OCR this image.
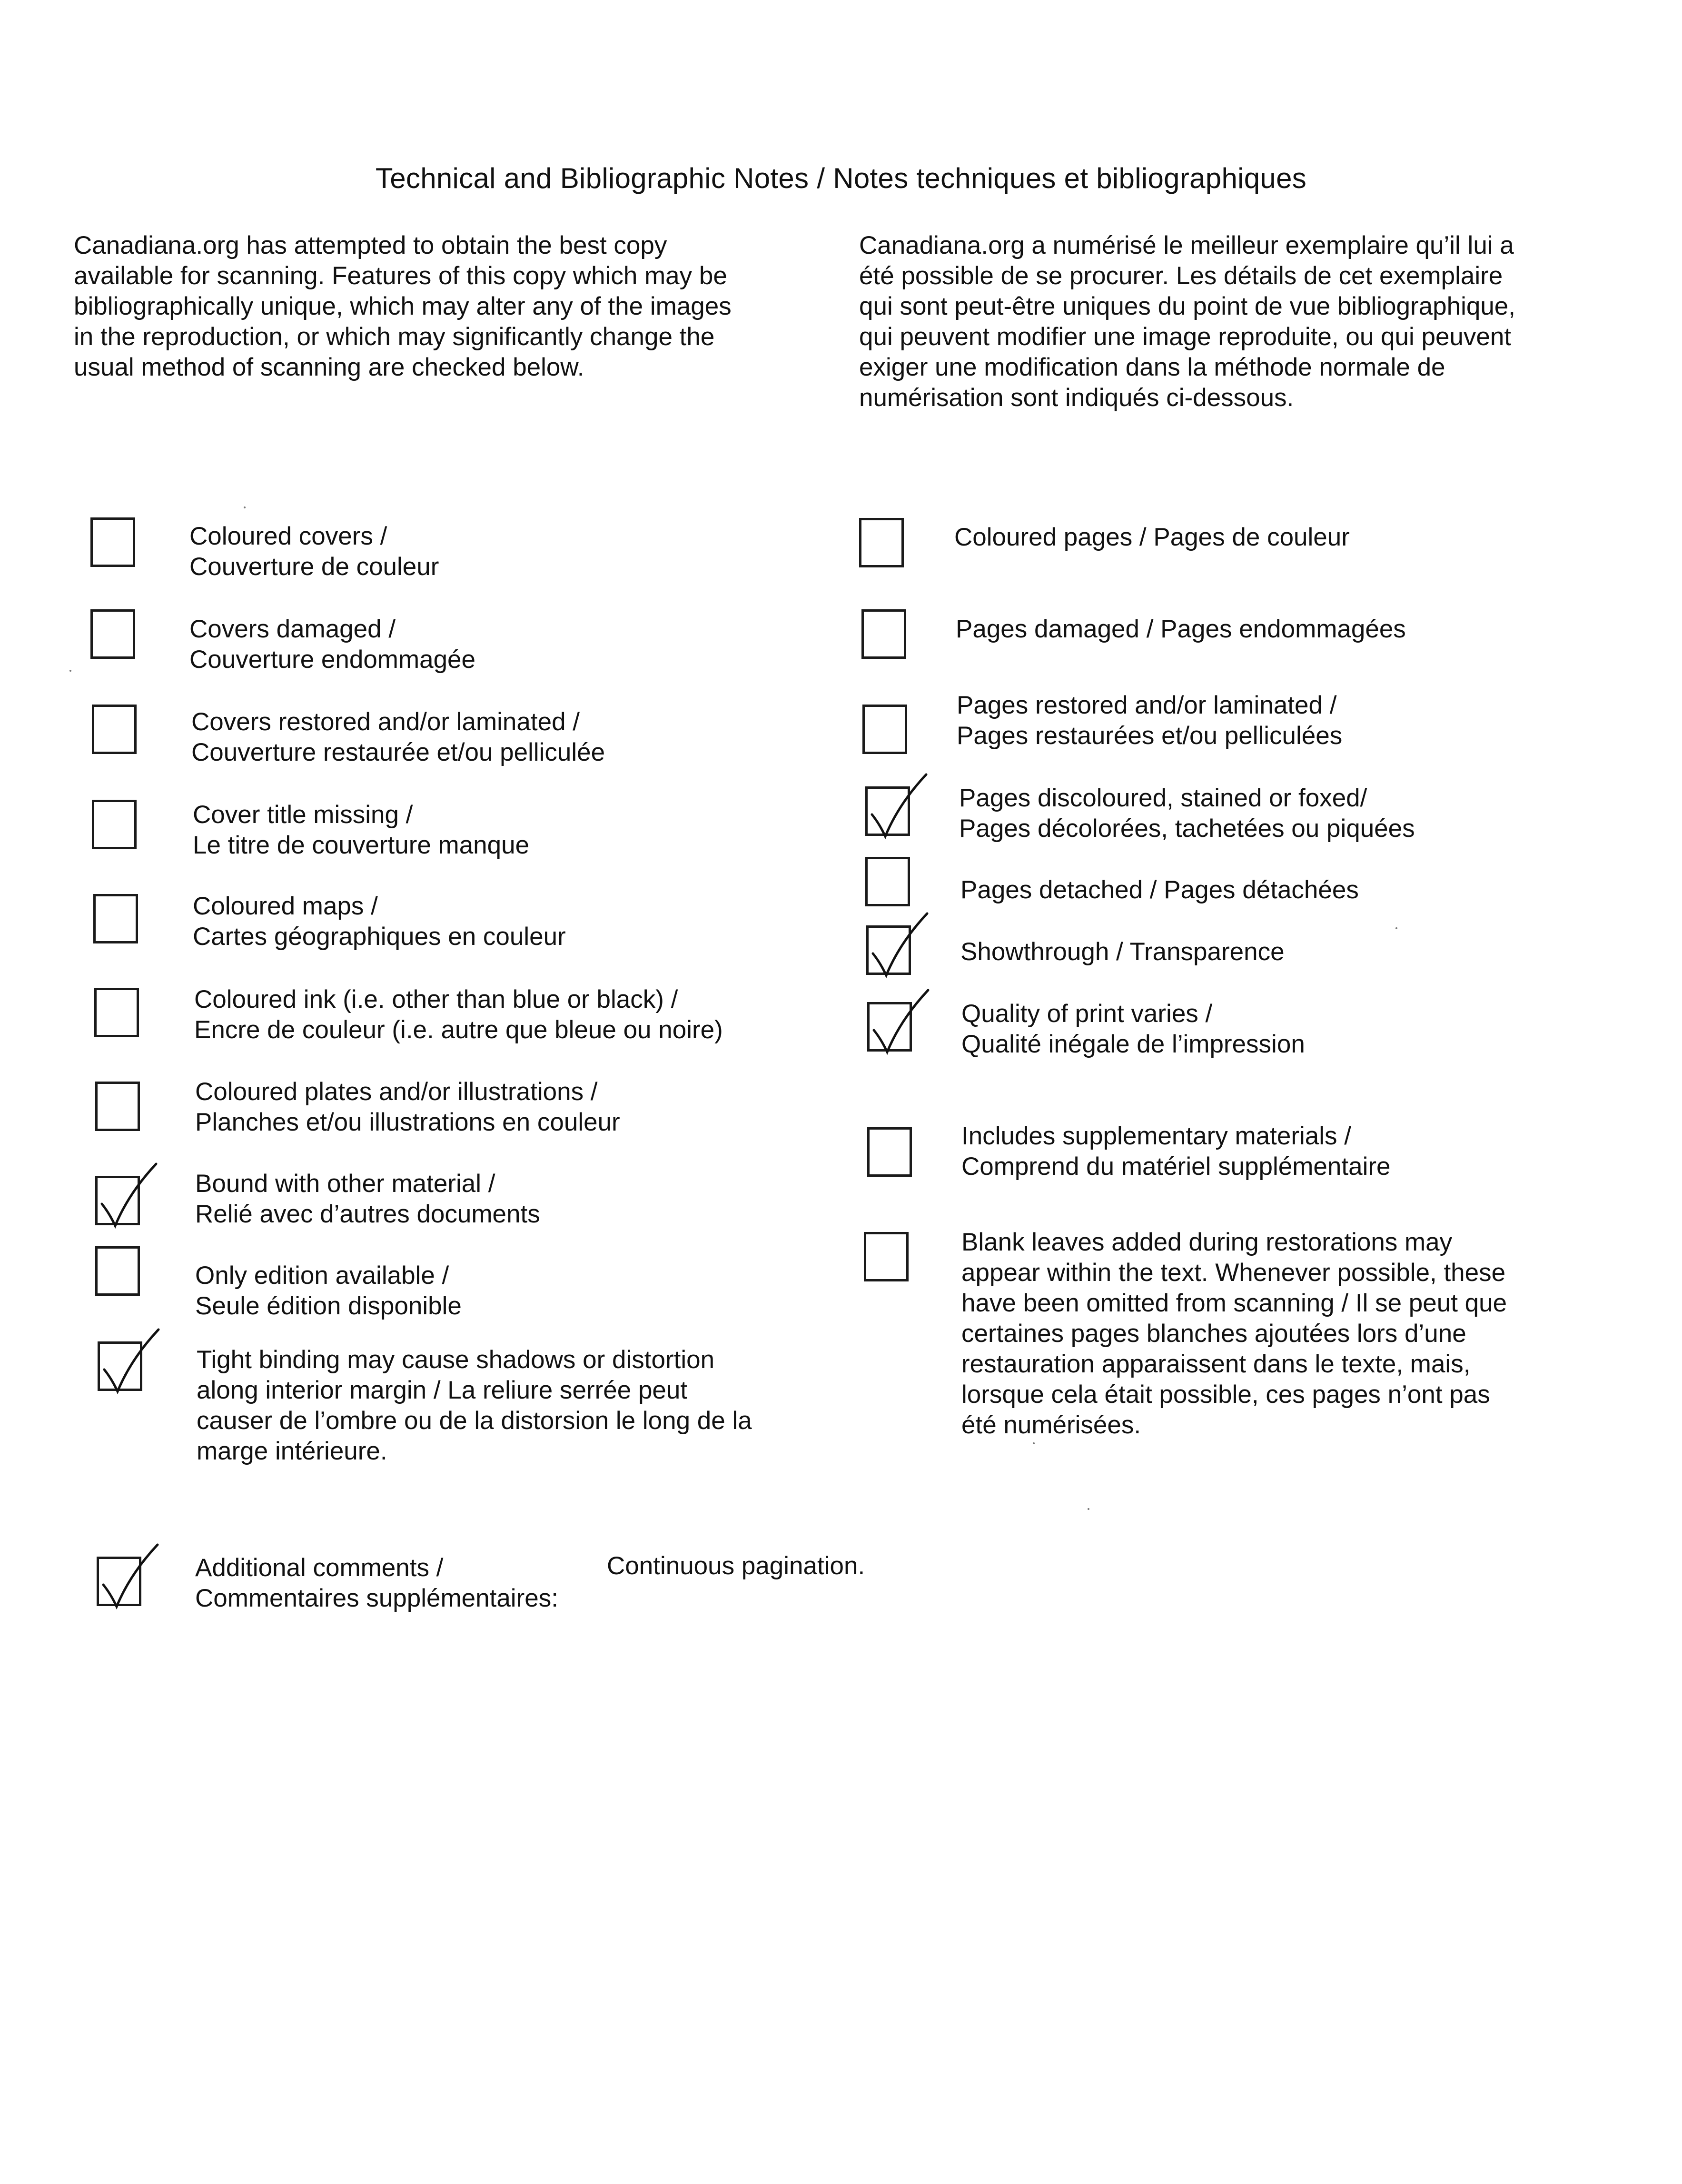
Technical and Bibliographic Notes / Notes techniques et bibliographiques
Canadiana.org has attempted to obtain the best copy
available for scanning. Features of this copy which may be
bibliographically unique, which may alter any of the images
in the reproduction, or which may significantly change the
usual method of scanning are checked below.
Canadiana.org a numérisé le meilleur exemplaire qu’il lui a
été possible de se procurer. Les détails de cet exemplaire
qui sont peut-être uniques du point de vue bibliographique,
qui peuvent modifier une image reproduite, ou qui peuvent
exiger une modification dans la méthode normale de
numérisation sont indiqués ci-dessous.
Coloured covers /
Couverture de couleur
Covers damaged /
Couverture endommagée
Covers restored and/or laminated /
Couverture restaurée et/ou pelliculée
Cover title missing /
Le titre de couverture manque
Coloured maps /
Cartes géographiques en couleur
Coloured ink (i.e. other than blue or black) /
Encre de couleur (i.e. autre que bleue ou noire)
Coloured plates and/or illustrations /
Planches et/ou illustrations en couleur
Bound with other material /
Relié avec d’autres documents
Only edition available /
Seule édition disponible
Tight binding may cause shadows or distortion
along interior margin / La reliure serrée peut
causer de l’ombre ou de la distorsion le long de la
marge intérieure.
Coloured pages / Pages de couleur
Pages damaged / Pages endommagées
Pages restored and/or laminated /
Pages restaurées et/ou pelliculées
Pages discoloured, stained or foxed/
Pages décolorées, tachetées ou piquées
Pages detached / Pages détachées
Showthrough / Transparence
Quality of print varies /
Qualité inégale de l’impression
Includes supplementary materials /
Comprend du matériel supplémentaire
Blank leaves added during restorations may
appear within the text. Whenever possible, these
have been omitted from scanning / Il se peut que
certaines pages blanches ajoutées lors d’une
restauration apparaissent dans le texte, mais,
lorsque cela était possible, ces pages n’ont pas
été numérisées.
Additional comments /
Commentaires supplémentaires:
Continuous pagination.
